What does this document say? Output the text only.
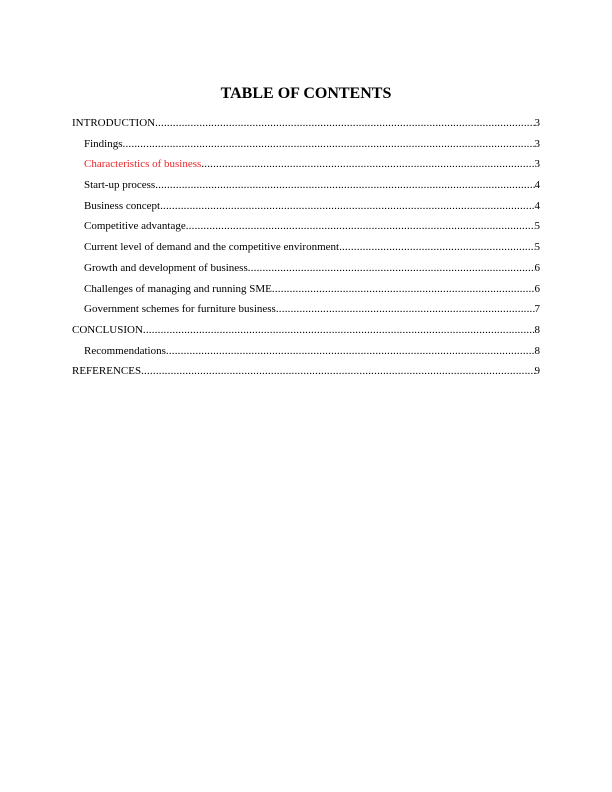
TABLE OF CONTENTS
INTRODUCTION .....	3
Findings .....	3
Characteristics of business .....	3
Start-up process .....	4
Business concept .....	4
Competitive advantage .....	5
Current level of demand and the competitive environment .....	5
Growth and development of business .....	6
Challenges of managing and running SME .....	6
Government schemes for furniture business .....	7
CONCLUSION .....	8
Recommendations .....	8
REFERENCES .....	9
